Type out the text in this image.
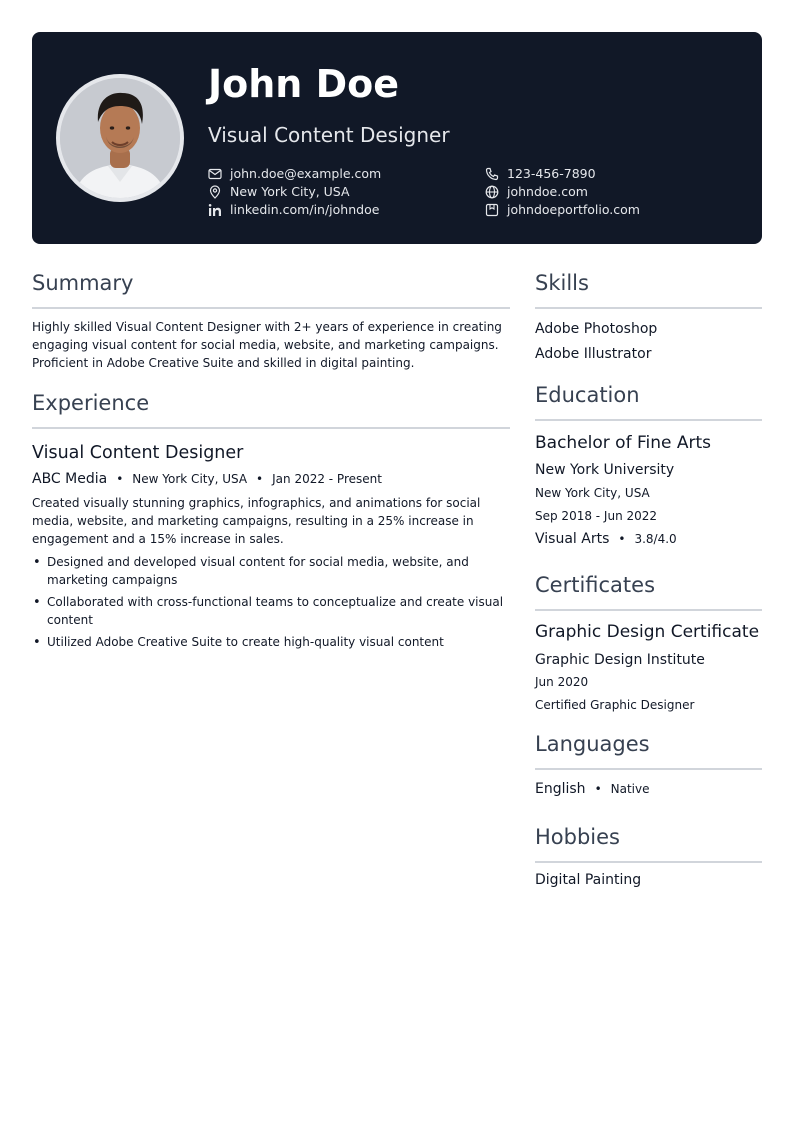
John Doe
Visual Content Designer
john.doe@example.com	123-456-7890
New York City, USA	johndoe.com
linkedin.com/in/johndoe	johndoeportfolio.com
Summary

Highly skilled Visual Content Designer with 2+ years of experience in creating engaging visual content for social media, website, and marketing campaigns. Proficient in Adobe Creative Suite and skilled in digital painting.

Experience
Visual Content Designer
ABC Media • New York City, USA • Jan 2022 - Present

Created visually stunning graphics, infographics, and animations for social media, website, and marketing campaigns, resulting in a 25% increase in engagement and a 15% increase in sales.

• Designed and developed visual content for social media, website, and marketing campaigns
• Collaborated with cross-functional teams to conceptualize and create visual content
• Utilized Adobe Creative Suite to create high-quality visual content
Skills
Adobe Photoshop
Adobe Illustrator
Education
Bachelor of Fine Arts
New York University
New York City, USA
Sep 2018 - Jun 2022
Visual Arts • 3.8/4.0
Certificates
Graphic Design Certificate
Graphic Design Institute
Jun 2020
Certified Graphic Designer
Languages
English • Native
Hobbies
Digital Painting
